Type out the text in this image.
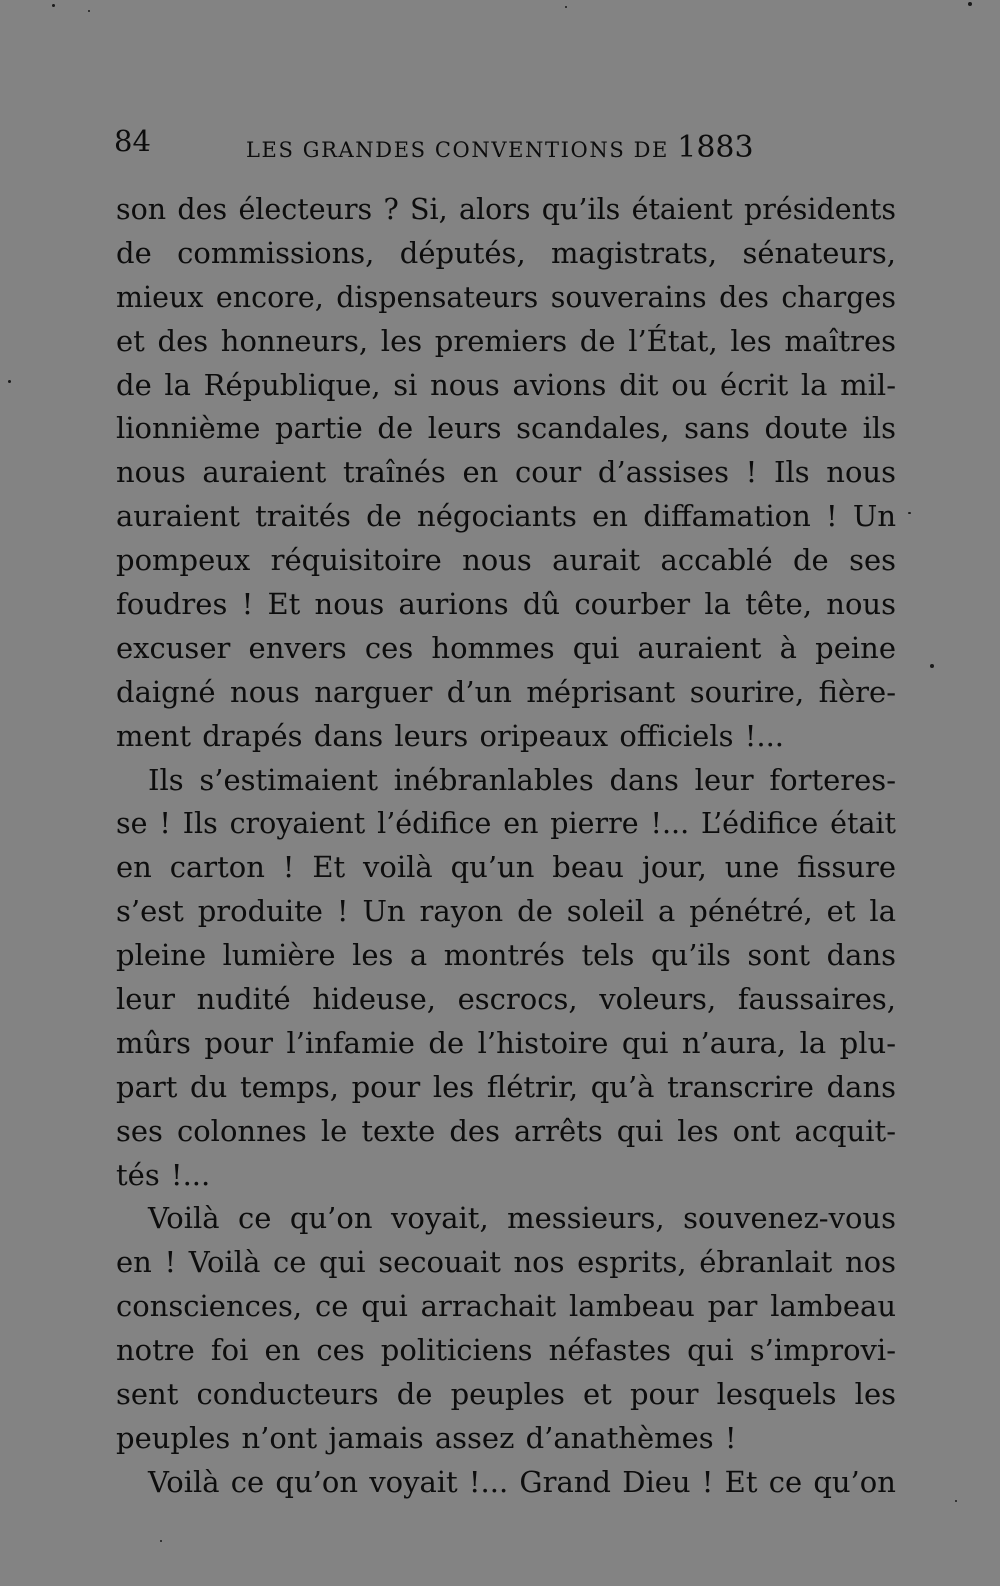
84	LES GRANDES CONVENTIONS DE 1883
son des électeurs ? Si, alors qu’ils étaient présidents
de commissions, députés, magistrats, sénateurs,
mieux encore, dispensateurs souverains des charges
et des honneurs, les premiers de l’État, les maîtres
de la République, si nous avions dit ou écrit la mil-
lionnième partie de leurs scandales, sans doute ils
nous auraient traînés en cour d’assises ! Ils nous
auraient traités de négociants en diffamation ! Un
pompeux réquisitoire nous aurait accablé de ses
foudres ! Et nous aurions dû courber la tête, nous
excuser envers ces hommes qui auraient à peine
daigné nous narguer d’un méprisant sourire, fière-
ment drapés dans leurs oripeaux officiels !...
Ils s’estimaient inébranlables dans leur forteres-
se ! Ils croyaient l’édifice en pierre !... L’édifice était
en carton ! Et voilà qu’un beau jour, une fissure
s’est produite ! Un rayon de soleil a pénétré, et la
pleine lumière les a montrés tels qu’ils sont dans
leur nudité hideuse, escrocs, voleurs, faussaires,
mûrs pour l’infamie de l’histoire qui n’aura, la plu-
part du temps, pour les flétrir, qu’à transcrire dans
ses colonnes le texte des arrêts qui les ont acquit-
tés !...
Voilà ce qu’on voyait, messieurs, souvenez-vous
en ! Voilà ce qui secouait nos esprits, ébranlait nos
consciences, ce qui arrachait lambeau par lambeau
notre foi en ces politiciens néfastes qui s’improvi-
sent conducteurs de peuples et pour lesquels les
peuples n’ont jamais assez d’anathèmes !
Voilà ce qu’on voyait !... Grand Dieu ! Et ce qu’on
